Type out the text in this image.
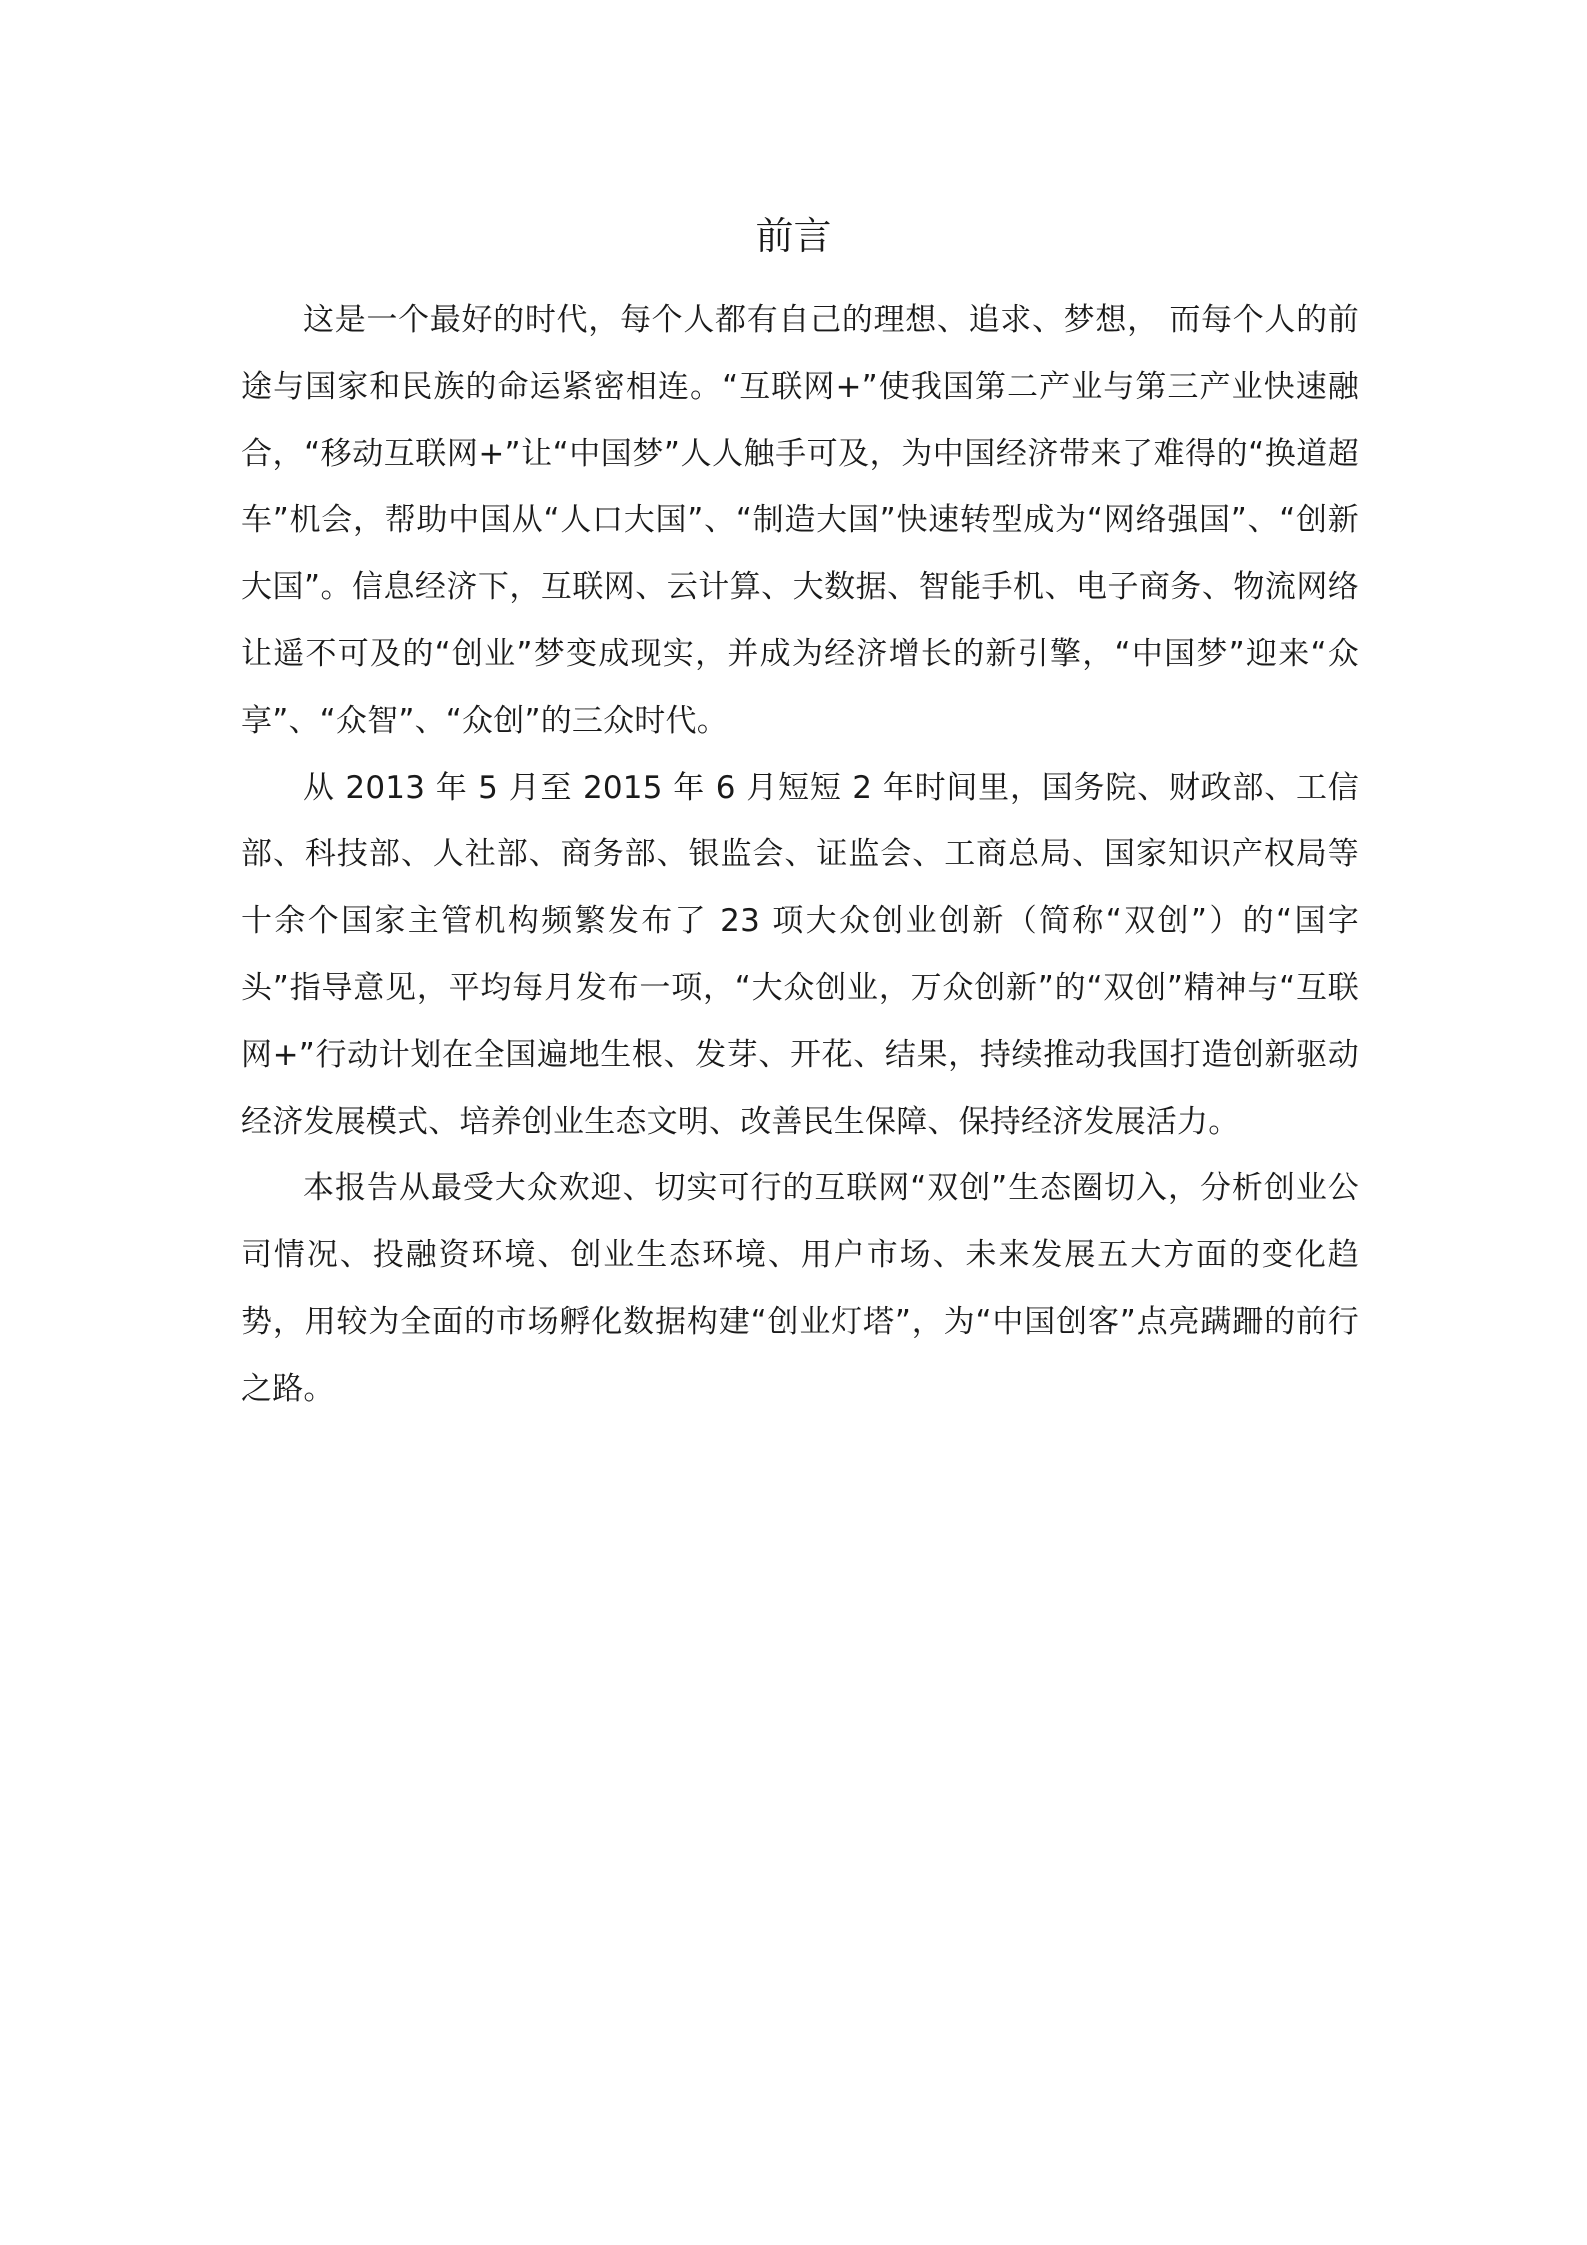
前言

这是一个最好的时代，每个人都有自己的理想、追求、梦想， 而每个人的前途与国家和民族的命运紧密相连。“互联网+”使我国第二产业与第三产业快速融合，“移动互联网+”让“中国梦”人人触手可及，为中国经济带来了难得的“换道超车”机会，帮助中国从“人口大国”、“制造大国”快速转型成为“网络强国”、“创新大国”。信息经济下，互联网、云计算、大数据、智能手机、电子商务、物流网络让遥不可及的“创业”梦变成现实，并成为经济增长的新引擎，“中国梦”迎来“众享”、“众智”、“众创”的三众时代。

从 2013 年 5 月至 2015 年 6 月短短 2 年时间里，国务院、财政部、工信部、科技部、人社部、商务部、银监会、证监会、工商总局、国家知识产权局等十余个国家主管机构频繁发布了 23 项大众创业创新（简称“双创”）的“国字头”指导意见，平均每月发布一项，“大众创业，万众创新”的“双创”精神与“互联网+”行动计划在全国遍地生根、发芽、开花、结果，持续推动我国打造创新驱动经济发展模式、培养创业生态文明、改善民生保障、保持经济发展活力。

本报告从最受大众欢迎、切实可行的互联网“双创”生态圈切入，分析创业公司情况、投融资环境、创业生态环境、用户市场、未来发展五大方面的变化趋势，用较为全面的市场孵化数据构建“创业灯塔”，为“中国创客”点亮蹒跚的前行之路。
